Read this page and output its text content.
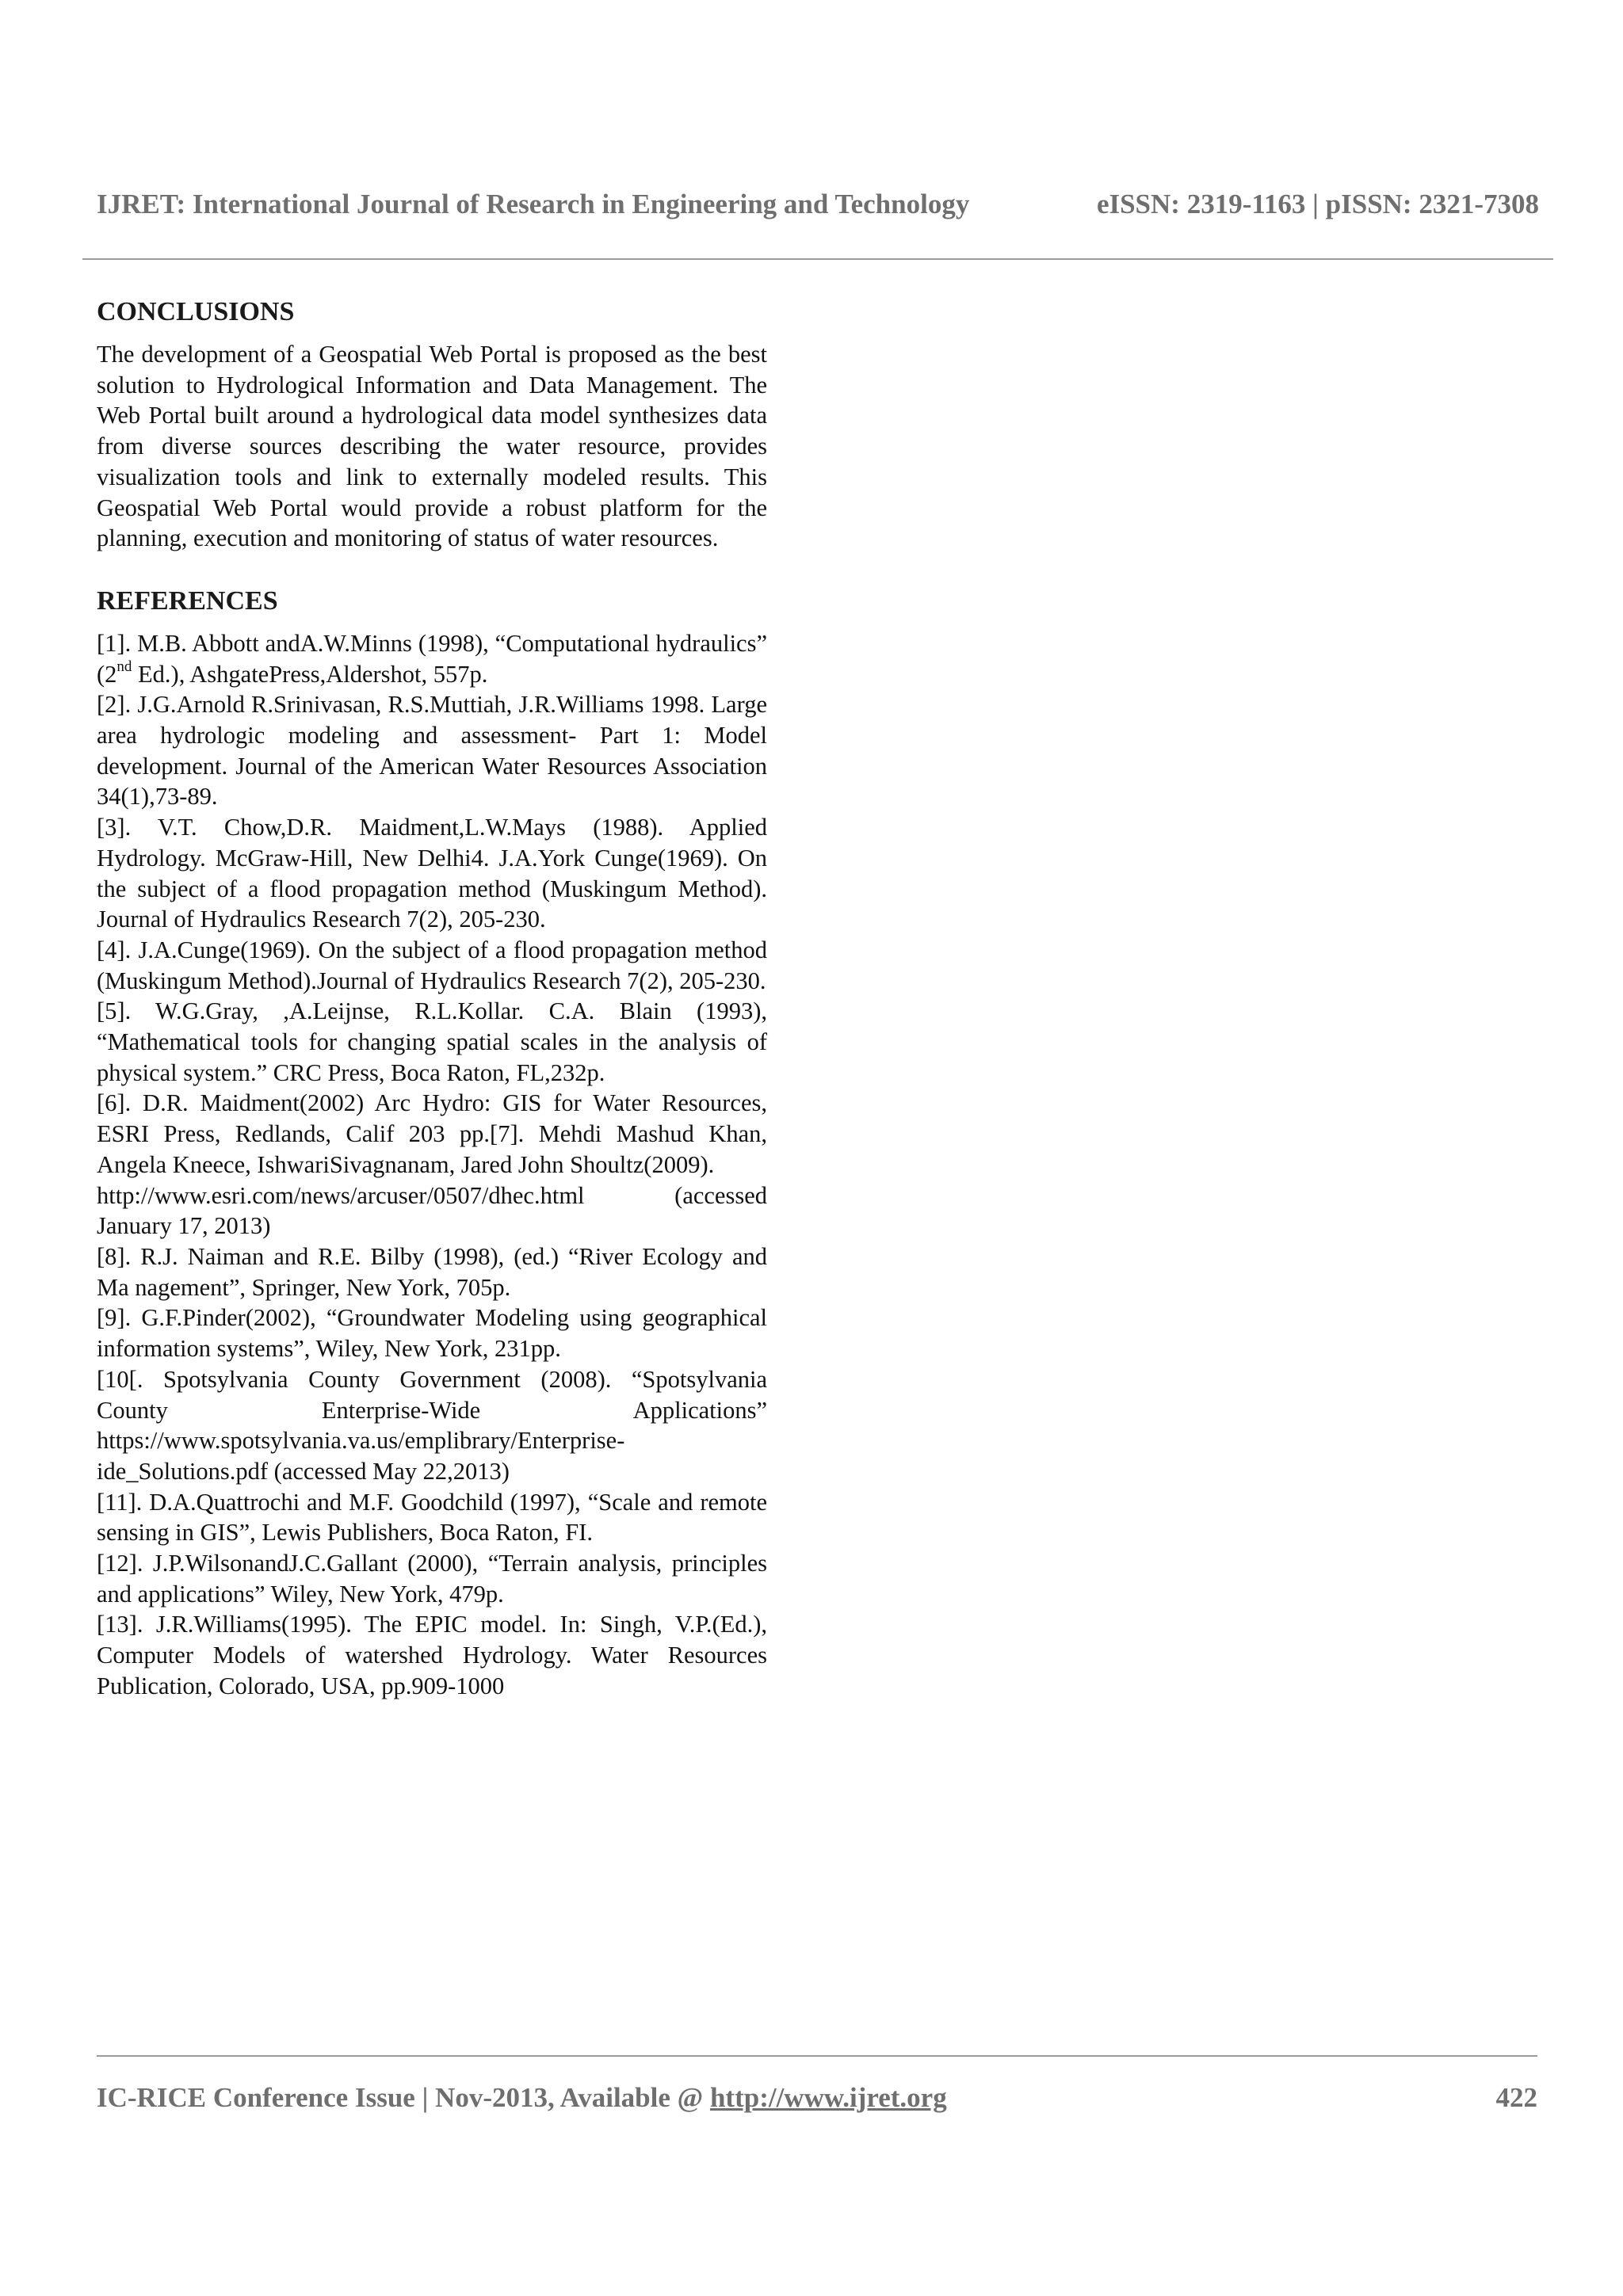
IJRET: International Journal of Research in Engineering and Technology	eISSN: 2319-1163 | pISSN: 2321-7308
CONCLUSIONS

The development of a Geospatial Web Portal is proposed as the best solution to Hydrological Information and Data Management. The Web Portal built around a hydrological data model synthesizes data from diverse sources describing the water resource, provides visualization tools and link to externally modeled results. This Geospatial Web Portal would provide a robust platform for the planning, execution and monitoring of status of water resources.

REFERENCES

[1]. M.B. Abbott andA.W.Minns (1998), “Computational hydraulics” (2nd Ed.), AshgatePress,Aldershot, 557p.

[2]. J.G.Arnold R.Srinivasan, R.S.Muttiah, J.R.Williams 1998. Large area hydrologic modeling and assessment- Part 1: Model development. Journal of the American Water Resources Association 34(1),73-89.

[3]. V.T. Chow,D.R. Maidment,L.W.Mays (1988). Applied Hydrology. McGraw-Hill, New Delhi4. J.A.York Cunge(1969). On the subject of a flood propagation method (Muskingum Method). Journal of Hydraulics Research 7(2), 205-230.

[4]. J.A.Cunge(1969). On the subject of a flood propagation method (Muskingum Method).Journal of Hydraulics Research 7(2), 205-230.

[5]. W.G.Gray, ,A.Leijnse, R.L.Kollar. C.A. Blain (1993), “Mathematical tools for changing spatial scales in the analysis of physical system.” CRC Press, Boca Raton, FL,232p.

[6]. D.R. Maidment(2002) Arc Hydro: GIS for Water Resources, ESRI Press, Redlands, Calif 203 pp.[7]. Mehdi Mashud Khan, Angela Kneece, IshwariSivagnanam, Jared John Shoultz(2009).

http://www.esri.com/news/arcuser/0507/dhec.html (accessed

January 17, 2013)

[8]. R.J. Naiman and R.E. Bilby (1998), (ed.) “River Ecology and Ma nagement”, Springer, New York, 705p.

[9]. G.F.Pinder(2002), “Groundwater Modeling using geographical information systems”, Wiley, New York, 231pp.

[10[. Spotsylvania County Government (2008). “Spotsylvania
County Enterprise-Wide Applications”
https://www.spotsylvania.va.us/emplibrary/Enterprise-
ide_Solutions.pdf (accessed May 22,2013)

[11]. D.A.Quattrochi and M.F. Goodchild (1997), “Scale and remote sensing in GIS”, Lewis Publishers, Boca Raton, FI.

[12]. J.P.WilsonandJ.C.Gallant (2000), “Terrain analysis, principles and applications” Wiley, New York, 479p.

[13]. J.R.Williams(1995). The EPIC model. In: Singh, V.P.(Ed.), Computer Models of watershed Hydrology. Water Resources Publication, Colorado, USA, pp.909-1000

IC-RICE Conference Issue | Nov-2013, Available @ http://www.ijret.org	422
